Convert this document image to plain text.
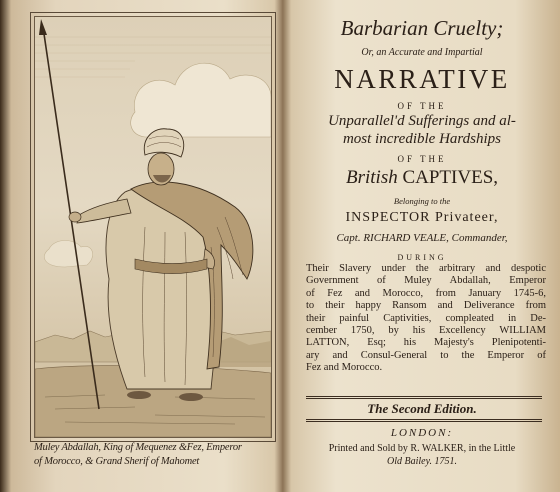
Muley Abdallah, King of Mequenez &Fez, Emperor
of Morocco, & Grand Sherif of Mahomet
Barbarian Cruelty;
Or, an Accurate and Impartial
NARRATIVE
OF THE
Unparallel'd Sufferings and al-
most incredible Hardships
OF THE
British CAPTIVES,
Belonging to the
INSPECTOR Privateer,
Capt. RICHARD VEALE, Commander,
DURING
Their Slavery under the arbitrary and despotic
Government of Muley Abdallah, Emperor
of Fez and Morocco, from January 1745-6,
to their happy Ransom and Deliverance from
their painful Captivities, compleated in De-
cember 1750, by his Excellency WILLIAM
LATTON, Esq; his Majesty's Plenipotenti-
ary and Consul-General to the Emperor of
Fez and Morocco.
The Second Edition.
LONDON:
Printed and Sold by R. WALKER, in the Little
Old Bailey. 1751.
